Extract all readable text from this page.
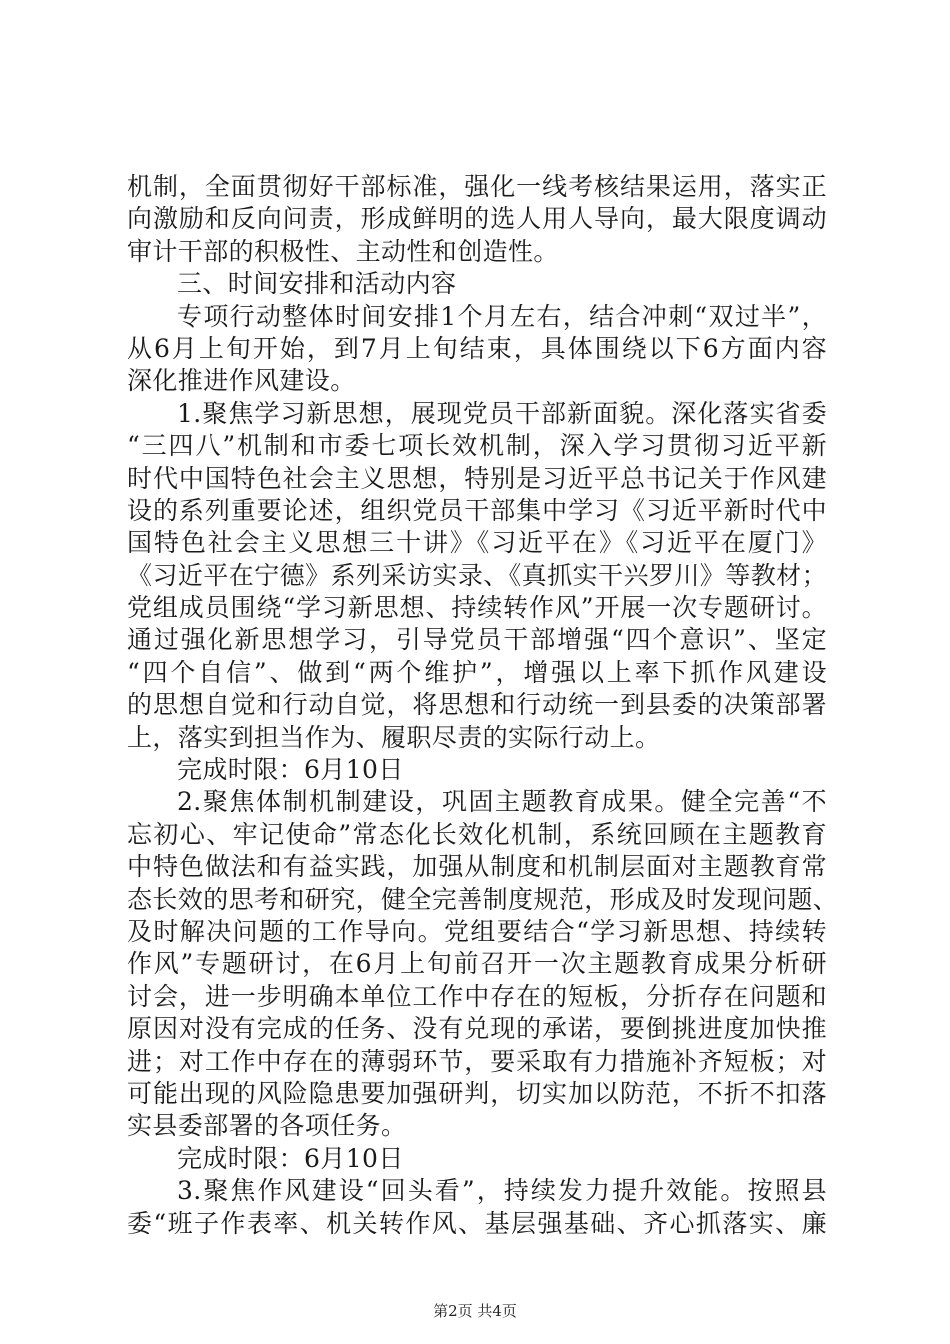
机制，全面贯彻好干部标准，强化一线考核结果运用，落实正
向激励和反向问责，形成鲜明的选人用人导向，最大限度调动
审计干部的积极性、主动性和创造性。
三、时间安排和活动内容
专项行动整体时间安排1个月左右，结合冲刺“双过半”，
从6月上旬开始，到7月上旬结束，具体围绕以下6方面内容
深化推进作风建设。
1.聚焦学习新思想，展现党员干部新面貌。深化落实省委
“三四八”机制和市委七项长效机制，深入学习贯彻习近平新
时代中国特色社会主义思想，特别是习近平总书记关于作风建
设的系列重要论述，组织党员干部集中学习《习近平新时代中
国特色社会主义思想三十讲》《习近平在》《习近平在厦门》
《习近平在宁德》系列采访实录、《真抓实干兴罗川》等教材；
党组成员围绕“学习新思想、持续转作风”开展一次专题研讨。
通过强化新思想学习，引导党员干部增强“四个意识”、坚定
“四个自信”、做到“两个维护”，增强以上率下抓作风建设
的思想自觉和行动自觉，将思想和行动统一到县委的决策部署
上，落实到担当作为、履职尽责的实际行动上。
完成时限：6月10日
2.聚焦体制机制建设，巩固主题教育成果。健全完善“不
忘初心、牢记使命”常态化长效化机制，系统回顾在主题教育
中特色做法和有益实践，加强从制度和机制层面对主题教育常
态长效的思考和研究，健全完善制度规范，形成及时发现问题、
及时解决问题的工作导向。党组要结合“学习新思想、持续转
作风”专题研讨，在6月上旬前召开一次主题教育成果分析研
讨会，进一步明确本单位工作中存在的短板，分折存在问题和
原因对没有完成的任务、没有兑现的承诺，要倒挑进度加快推
进；对工作中存在的薄弱环节，要采取有力措施补齐短板；对
可能出现的风险隐患要加强研判，切实加以防范，不折不扣落
实县委部署的各项任务。
完成时限：6月10日
3.聚焦作风建设“回头看”，持续发力提升效能。按照县
委“班子作表率、机关转作风、基层强基础、齐心抓落实、廉
第2页 共4页
